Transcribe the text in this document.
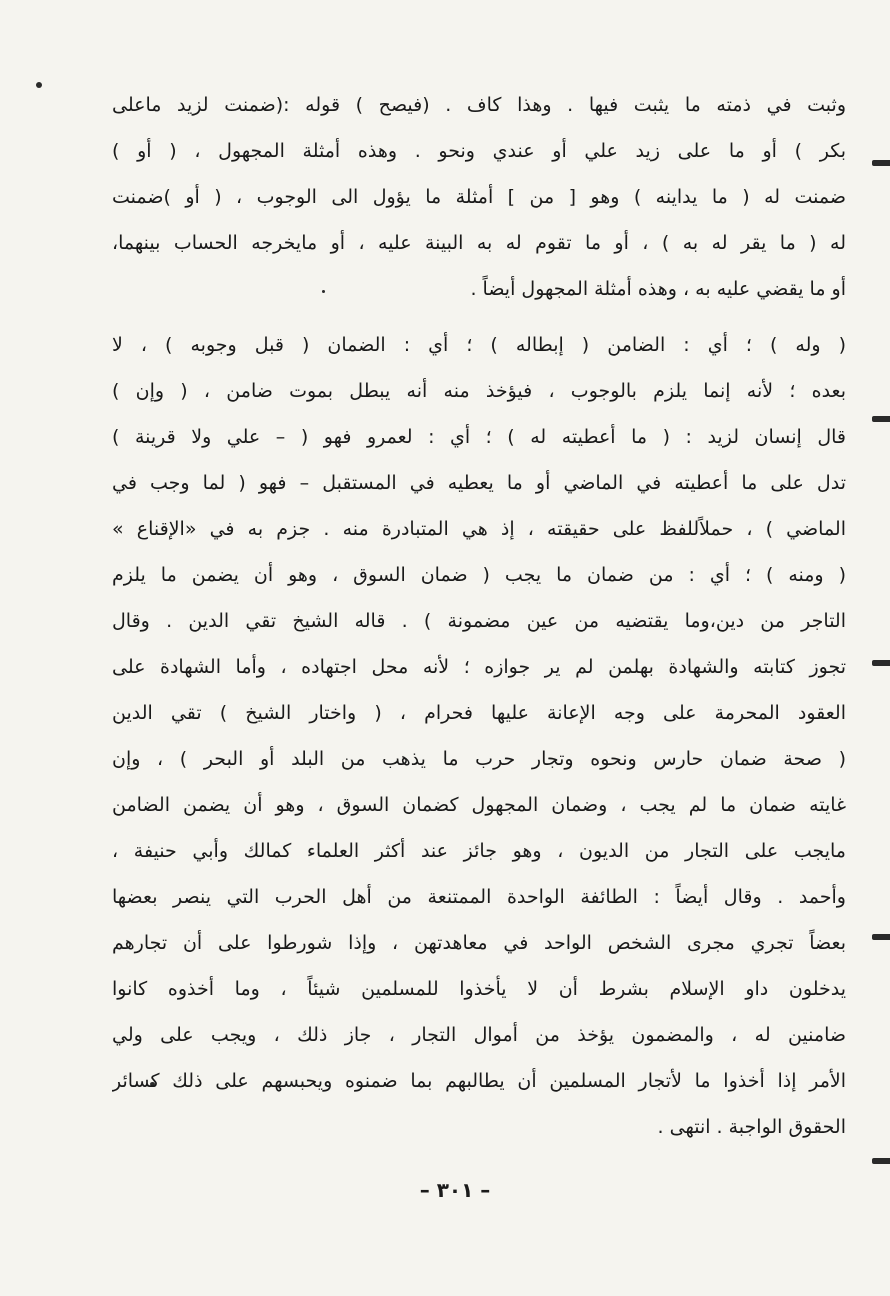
وثبت في ذمته ما يثبت فيها . وهذا كاف . (فيصح ) قوله :(ضمنت لزيد ماعلى
بكر ) أو ما على زيد علي أو عندي ونحو . وهذه أمثلة المجهول ، ( أو )
ضمنت له ( ما يداينه ) وهو [ من ] أمثلة ما يؤول الى الوجوب ، ( أو )ضمنت
له ( ما يقر له به ) ، أو ما تقوم له به البينة عليه ، أو مايخرجه الحساب بينهما،
أو ما يقضي عليه به ، وهذه أمثلة المجهول أيضاً .
( وله ) ؛ أي : الضامن ( إبطاله ) ؛ أي : الضمان ( قبل وجوبه ) ، لا
بعده ؛ لأنه إنما يلزم بالوجوب ، فيؤخذ منه أنه يبطل بموت ضامن ، ( وإن )
قال إنسان لزيد : ( ما أعطيته له ) ؛ أي : لعمرو فهو ( – علي ولا قرينة )
تدل على ما أعطيته في الماضي أو ما يعطيه في المستقبل – فهو ( لما وجب في
الماضي ) ، حملاًللفظ على حقيقته ، إذ هي المتبادرة منه . جزم به في «الإقناع »
( ومنه ) ؛ أي : من ضمان ما يجب ( ضمان السوق ، وهو أن يضمن ما يلزم
التاجر من دين،وما يقتضيه من عين مضمونة ) . قاله الشيخ تقي الدين . وقال
تجوز كتابته والشهادة بهلمن لم ير جوازه ؛ لأنه محل اجتهاده ، وأما الشهادة على
العقود المحرمة على وجه الإعانة عليها فحرام ، ( واختار الشيخ ) تقي الدين
( صحة ضمان حارس ونحوه وتجار حرب ما يذهب من البلد أو البحر ) ، وإن
غايته ضمان ما لم يجب ، وضمان المجهول كضمان السوق ، وهو أن يضمن الضامن
مايجب على التجار من الديون ، وهو جائز عند أكثر العلماء كمالك وأبي حنيفة ،
وأحمد . وقال أيضاً : الطائفة الواحدة الممتنعة من أهل الحرب التي ينصر بعضها
بعضاً تجري مجرى الشخص الواحد في معاهدتهن ، وإذا شورطوا على أن تجارهم
يدخلون داو الإسلام بشرط أن لا يأخذوا للمسلمين شيئاً ، وما أخذوه كانوا
ضامنين له ، والمضمون يؤخذ من أموال التجار ، جاز ذلك ، ويجب على ولي
الأمر إذا أخذوا ما لأتجار المسلمين أن يطالبهم بما ضمنوه ويحبسهم على ذلك كسائر
الحقوق الواجبة . انتهى .
– ٣٠١ –
